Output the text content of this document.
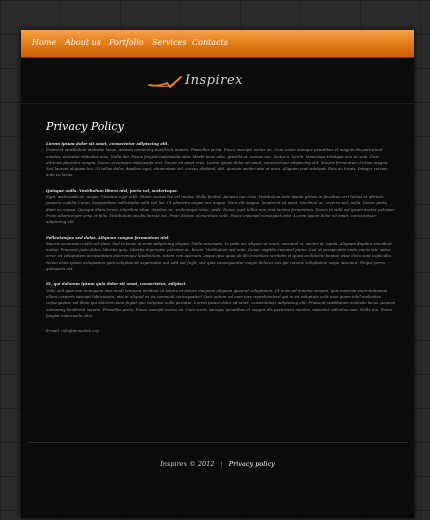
Home About us Portfolio Services Contacts
Inspirex
Privacy Policy

Lorem ipsum dolor sit amet, consectetur adipiscing elit.
Praesent vestibulum molestie lacus. Aenean nonummy hendrerit mauris. Phasellus porta. Fusce suscipit varius mi. Cum sociis natoque penatibus et magnis dis parturient montes, nascetur ridiculus mus. Nulla dui. Fusce feugiat malesuada odio. Morbi nunc odio, gravida at, cursus nec, luctus a, lorem. Maecenas tristique orci ac sem. Duis ultricies pharetra magna. Donec accumsan malesuada orci. Donec sit amet eros. Lorem ipsum dolor sit amet, consectetuer adipiscing elit. Mauris fermentum dictum magna. Sed laoreet aliquam leo. Ut tellus dolor, dapibus eget, elementum vel, cursus eleifend, elit. Aenean auctor wisi et urna. Aliquam erat volutpat. Duis ac turpis. Integer rutrum ante eu lacus.

Quisque nulla. Vestibulum libero nisl, porta vel, scelerisque.
Eget, malesuada at, neque. Vivamus eget nibh. Etiam cursus leo vel metus. Nulla facilisi. Aenean nec eros. Vestibulum ante ipsum primis in faucibus orci luctus et ultrices posuere cubilia Curae; Suspendisse sollicitudin velit sed leo. Ut pharetra augue nec augue. Nam elit magna, hendrerit sit amet, tincidunt ac, viverra sed, nulla. Donec porta diam eu massa. Quisque diam lorem, interdum vitae, dapibus ac, scelerisque vitae, pede. Donec eget tellus non erat lacinia fermentum. Donec in velit vel ipsum auctor pulvinar. Proin ullamcorper urna et felis. Vestibulum iaculis lacinia est. Proin dictum elementum velit. Fusce euismod consequat ante. Lorem ipsum dolor sit amet, consectetuer adipiscing elit.

Pellentesque sed dolor. Aliquam congue fermentum nisl.
Mauris accumsan nulla vel diam. Sed in lacus ut enim adipiscing aliquet. Nulla venenatis. In pede mi, aliquet sit amet, euismod in, auctor ut, ligula. Aliquam dapibus tincidunt metus. Praesent justo dolor, lobortis quis, lobortis dignissim, pulvinar ac, lorem. Vestibulum sed ante. Donec sagittis euismod purus. Sed ut perspiciatis unde omnis iste natus error sit voluptatem accusantium doloremque laudantium, totam rem aperiam, eaque ipsa quae ab illo inventore veritatis et quasi architecto beatae vitae dicta sunt explicabo. Nemo enim ipsam voluptatem quia voluptas sit aspernatur aut odit aut fugit, sed quia consequuntur magni dolores eos qui ratione voluptatem sequi nesciunt. Neque porro quisquam est.

Et, qui dolorem ipsum quia dolor sit amet, consectetur, adipisci.
Velit, sed quia non numquam eius modi tempora incidunt ut labore et dolore magnam aliquam quaerat voluptatem. Ut enim ad minima veniam, quis nostrum exercitationem ullam corporis suscipit laboriosam, nisi ut aliquid ex ea commodi consequatur? Quis autem vel eum iure reprehenderit qui in ea voluptate velit esse quam nihil molestiae consequatur, vel illum qui dolorem eum fugiat quo voluptas nulla pariatur. Lorem ipsum dolor sit amet, consectetuer adipiscing elit. Praesent vestibulum molestie lacus. Aenean nonummy hendrerit mauris. Phasellus porta. Fusce suscipit varius mi. Cum sociis natoque penatibus et magnis dis parturient montes, nascetur ridiculus mus. Nulla dui. Fusce feugiat malesuada odio.

E-mail: info@demolink.org
Inspirex © 2012 | Privacy policy
